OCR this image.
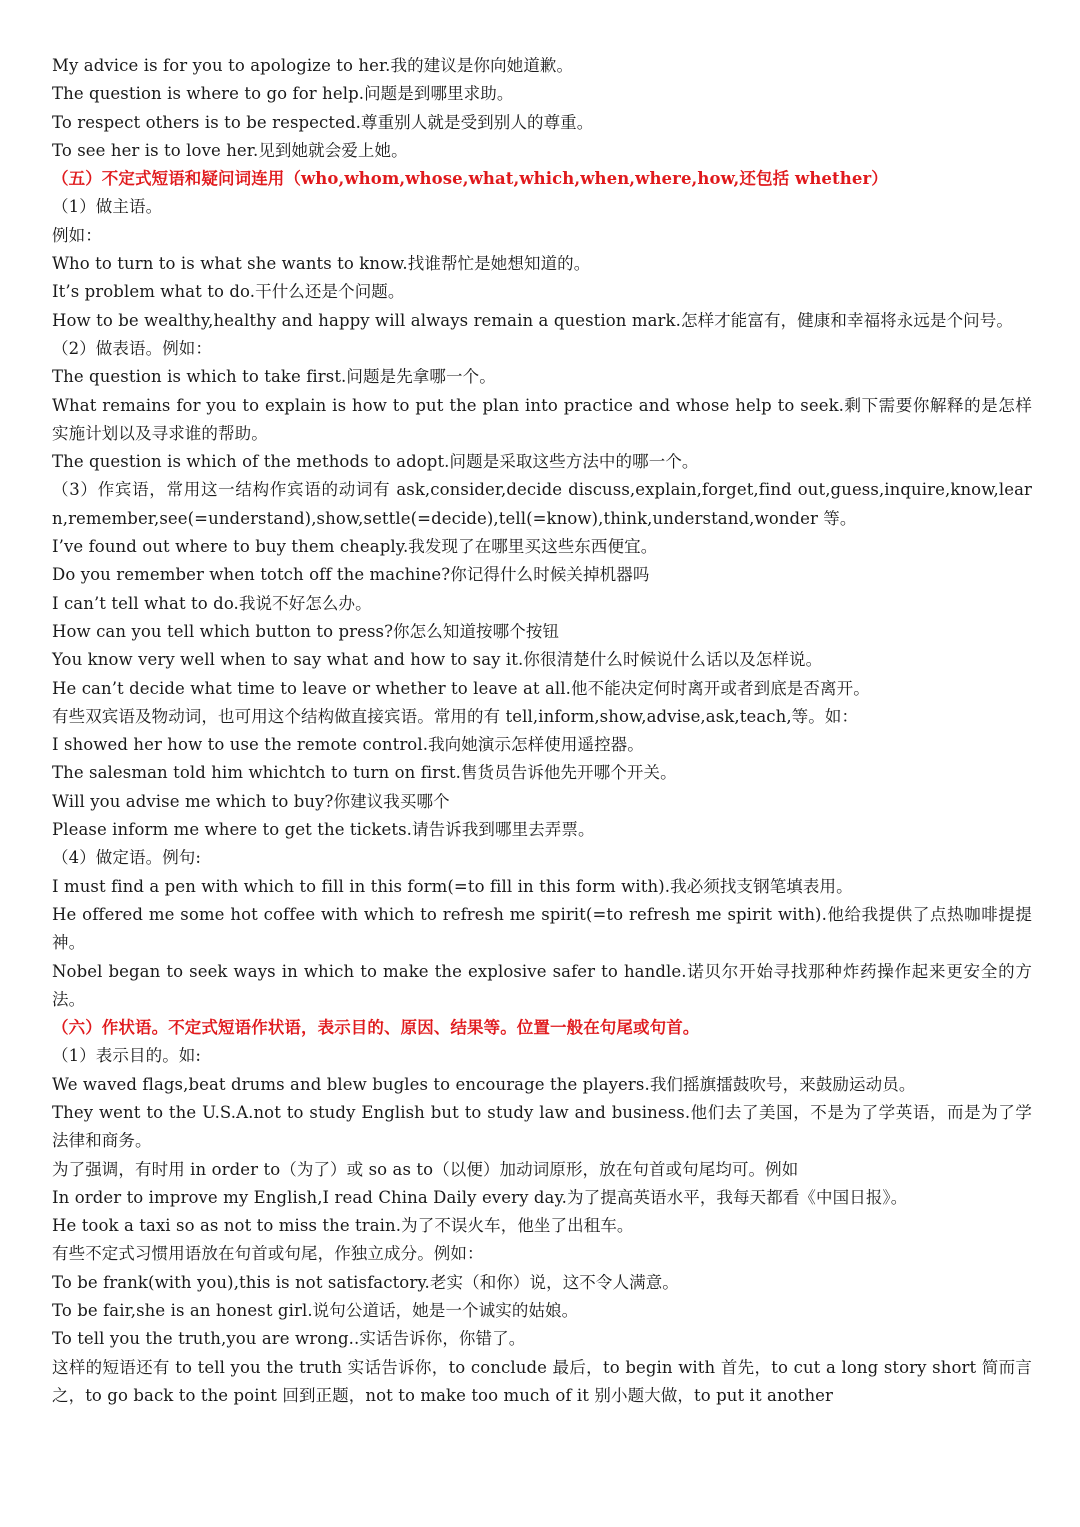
My advice is for you to apologize to her.我的建议是你向她道歉。

The question is where to go for help.问题是到哪里求助。

To respect others is to be respected.尊重别人就是受到别人的尊重。

To see her is to love her.见到她就会爱上她。

（五）不定式短语和疑问词连用（who,whom,whose,what,which,when,where,how,还包括 whether）

（1）做主语。

例如：

Who to turn to is what she wants to know.找谁帮忙是她想知道的。

It’s problem what to do.干什么还是个问题。

How to be wealthy,healthy and happy will always remain a question mark.怎样才能富有，健康和幸福将永远是个问号。

（2）做表语。例如：

The question is which to take first.问题是先拿哪一个。

What remains for you to explain is how to put the plan into practice and whose help to seek.剩下需要你解释的是怎样实施计划以及寻求谁的帮助。

The question is which of the methods to adopt.问题是采取这些方法中的哪一个。

（3）作宾语，常用这一结构作宾语的动词有 ask,consider,decide discuss,explain,forget,find out,guess,inquire,know,learn,remember,see(=understand),show,settle(=decide),tell(=know),think,understand,wonder 等。

I’ve found out where to buy them cheaply.我发现了在哪里买这些东西便宜。

Do you remember when totch off the machine?你记得什么时候关掉机器吗

I can’t tell what to do.我说不好怎么办。

How can you tell which button to press?你怎么知道按哪个按钮

You know very well when to say what and how to say it.你很清楚什么时候说什么话以及怎样说。

He can’t decide what time to leave or whether to leave at all.他不能决定何时离开或者到底是否离开。

有些双宾语及物动词，也可用这个结构做直接宾语。常用的有 tell,inform,show,advise,ask,teach,等。如：

I showed her how to use the remote control.我向她演示怎样使用遥控器。

The salesman told him whichtch to turn on first.售货员告诉他先开哪个开关。

Will you advise me which to buy?你建议我买哪个

Please inform me where to get the tickets.请告诉我到哪里去弄票。

（4）做定语。例句:

I must find a pen with which to fill in this form(=to fill in this form with).我必须找支钢笔填表用。

He offered me some hot coffee with which to refresh me spirit(=to refresh me spirit with).他给我提供了点热咖啡提提神。

Nobel began to seek ways in which to make the explosive safer to handle.诺贝尔开始寻找那种炸药操作起来更安全的方法。

（六）作状语。不定式短语作状语，表示目的、原因、结果等。位置一般在句尾或句首。

（1）表示目的。如:

We waved flags,beat drums and blew bugles to encourage the players.我们摇旗擂鼓吹号，来鼓励运动员。

They went to the U.S.A.not to study English but to study law and business.他们去了美国，不是为了学英语，而是为了学法律和商务。

为了强调，有时用 in order to（为了）或 so as to（以便）加动词原形，放在句首或句尾均可。例如

In order to improve my English,I read China Daily every day.为了提高英语水平，我每天都看《中国日报》。

He took a taxi so as not to miss the train.为了不误火车，他坐了出租车。

有些不定式习惯用语放在句首或句尾，作独立成分。例如：

To be frank(with you),this is not satisfactory.老实（和你）说，这不令人满意。

To be fair,she is an honest girl.说句公道话，她是一个诚实的姑娘。

To tell you the truth,you are wrong..实话告诉你，你错了。

这样的短语还有 to tell you the truth 实话告诉你，to conclude 最后，to begin with 首先，to cut a long story short 简而言之，to go back to the point 回到正题，not to make too much of it 别小题大做，to put it another
